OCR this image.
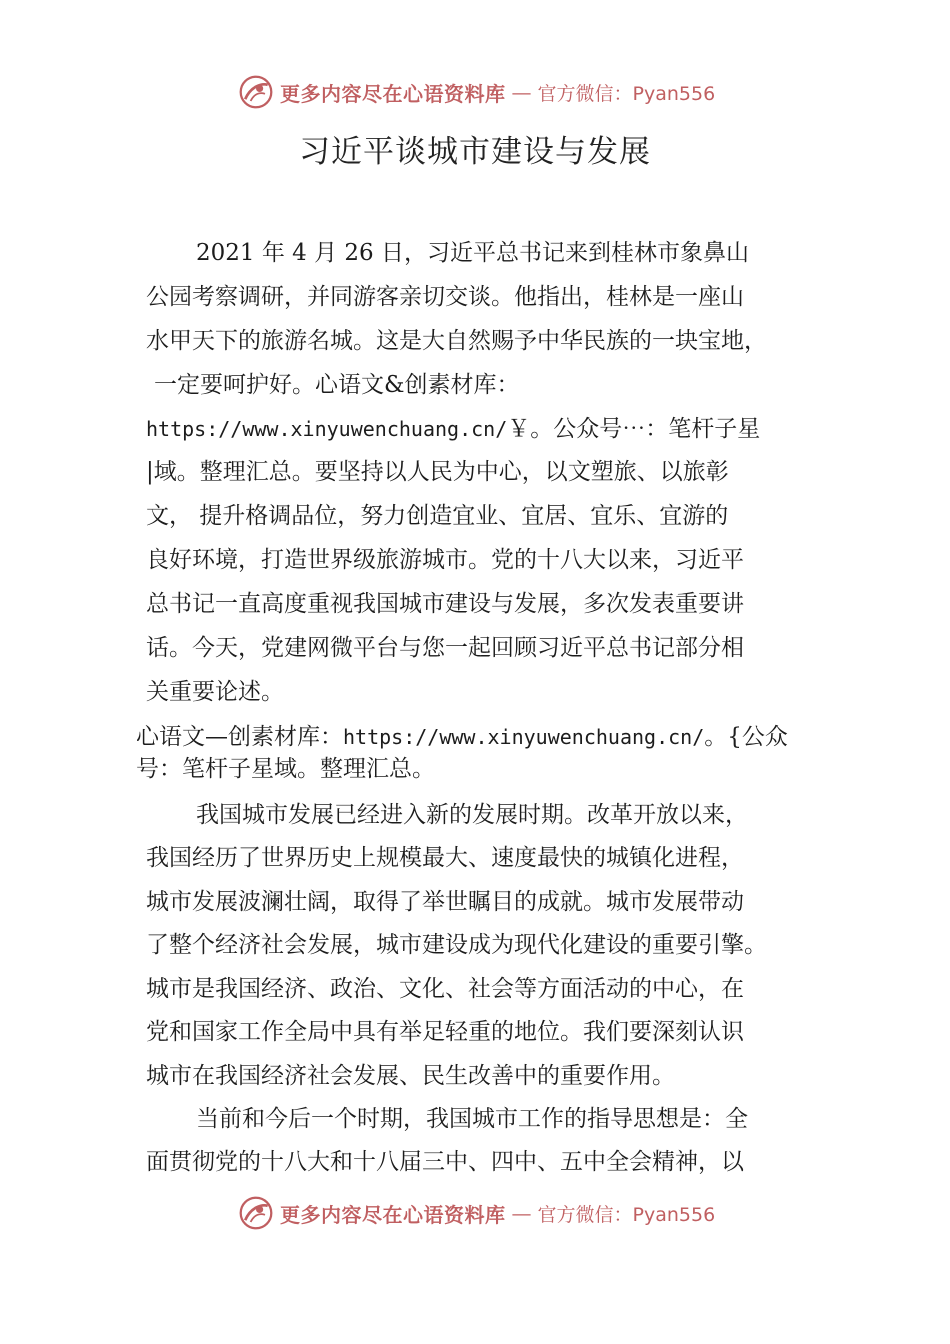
更多内容尽在心语资料库 — 官方微信：Pyan556
习近平谈城市建设与发展
2021 年 4 月 26 日，习近平总书记来到桂林市象鼻山
公园考察调研，并同游客亲切交谈。他指出，桂林是一座山
水甲天下的旅游名城。这是大自然赐予中华民族的一块宝地，
一定要呵护好。心语文&创素材库：
https://www.xinyuwenchuang.cn/￥。公众号⋯：笔杆子星
|域。整理汇总。要坚持以人民为中心，以文塑旅、以旅彰
文， 提升格调品位，努力创造宜业、宜居、宜乐、宜游的
良好环境，打造世界级旅游城市。党的十八大以来，习近平
总书记一直高度重视我国城市建设与发展，多次发表重要讲
话。今天，党建网微平台与您一起回顾习近平总书记部分相
关重要论述。
心语文—创素材库：https://www.xinyuwenchuang.cn/。{公众
号：笔杆子星域。整理汇总。
我国城市发展已经进入新的发展时期。改革开放以来，
我国经历了世界历史上规模最大、速度最快的城镇化进程，
城市发展波澜壮阔，取得了举世瞩目的成就。城市发展带动
了整个经济社会发展，城市建设成为现代化建设的重要引擎。
城市是我国经济、政治、文化、社会等方面活动的中心，在
党和国家工作全局中具有举足轻重的地位。我们要深刻认识
城市在我国经济社会发展、民生改善中的重要作用。
当前和今后一个时期，我国城市工作的指导思想是：全
面贯彻党的十八大和十八届三中、四中、五中全会精神，以
更多内容尽在心语资料库 — 官方微信：Pyan556
